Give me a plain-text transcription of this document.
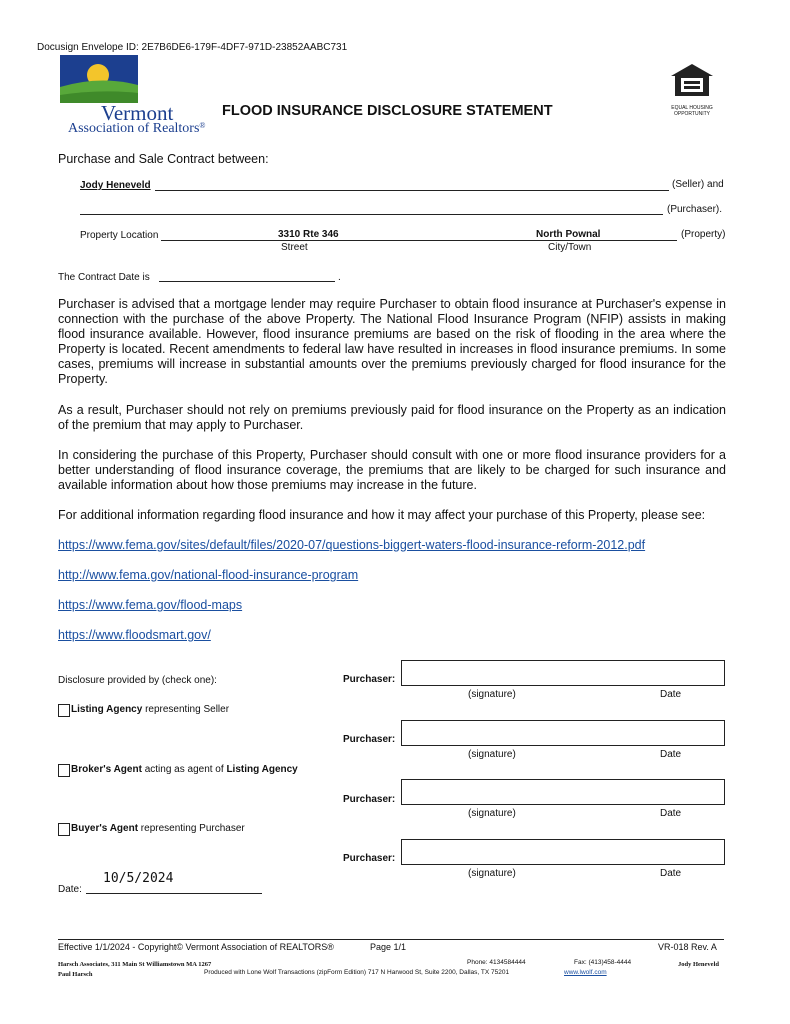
Docusign Envelope ID: 2E7B6DE6-179F-4DF7-971D-23852AABC731
Vermont
Association of Realtors®
FLOOD INSURANCE DISCLOSURE STATEMENT	EQUAL HOUSING
OPPORTUNITY
Purchase and Sale Contract between:
Jody Heneveld	(Seller) and
(Purchaser).
Property Location	3310 Rte 346
Street
North Pownal
City/Town
(Property)
The Contract Date is	.
Purchaser is advised that a mortgage lender may require Purchaser to obtain flood insurance at Purchaser's expense in connection with the purchase of the above Property. The National Flood Insurance Program (NFIP) assists in making flood insurance available. However, flood insurance premiums are based on the risk of flooding in the area where the Property is located. Recent amendments to federal law have resulted in increases in flood insurance premiums. In some cases, premiums will increase in substantial amounts over the premiums previously charged for flood insurance for the Property.
As a result, Purchaser should not rely on premiums previously paid for flood insurance on the Property as an indication of the premium that may apply to Purchaser.
In considering the purchase of this Property, Purchaser should consult with one or more flood insurance providers for a better understanding of flood insurance coverage, the premiums that are likely to be charged for such insurance and available information about how those premiums may increase in the future.
For additional information regarding flood insurance and how it may affect your purchase of this Property, please see:
https://www.fema.gov/sites/default/files/2020-07/questions-biggert-waters-flood-insurance-reform-2012.pdf
http://www.fema.gov/national-flood-insurance-program
https://www.fema.gov/flood-maps
https://www.floodsmart.gov/
Disclosure provided by (check one):
Listing Agency representing Seller
Broker's Agent acting as agent of Listing Agency
Buyer's Agent representing Purchaser
Purchaser:
(signature)	Date
Purchaser:
(signature)	Date
Purchaser:
(signature)	Date
Purchaser:
(signature)	Date
10/5/2024
Date:
Effective 1/1/2024 - Copyright© Vermont Association of REALTORS®	Page 1/1	VR-018 Rev. A
Harsch Associates, 311 Main St Williamstown MA 1267	Phone: 4134584444	Fax: (413)458-4444	Jody Heneveld
Paul Harsch	Produced with Lone Wolf Transactions (zipForm Edition) 717 N Harwood St, Suite 2200, Dallas, TX 75201	www.lwolf.com
